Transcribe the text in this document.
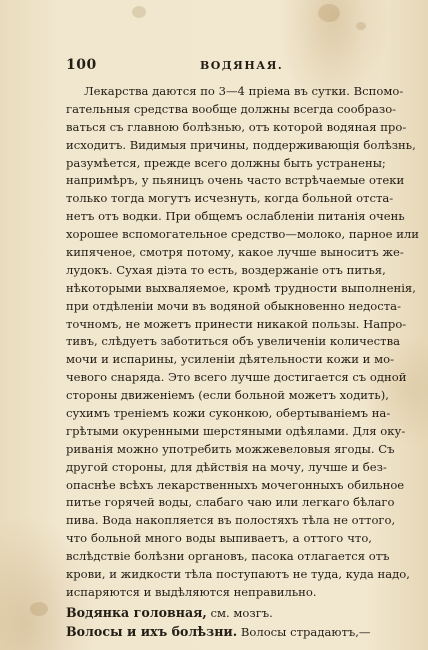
100	ВОДЯНАЯ.
Лекарства даются по 3—4 пріема въ сутки. Вспомо-
гательныя средства вообще должны всегда сообразо-
ваться съ главною болѣзнью, отъ которой водяная про-
исходитъ. Видимыя причины, поддерживающія болѣзнь,
разумѣется, прежде всего должны быть устранены;
напримѣръ, у пьяницъ очень часто встрѣчаемые отеки
только тогда могутъ исчезнуть, когда больной отста-
нетъ отъ водки. При общемъ ослабленіи питанія очень
хорошее вспомогательное средство—молоко, парное или
кипяченое, смотря потому, какое лучше выноситъ же-
лудокъ. Сухая діэта то есть, воздержаніе отъ питья,
нѣкоторыми выхваляемое, кромѣ трудности выполненія,
при отдѣленіи мочи въ водяной обыкновенно недоста-
точномъ, не можетъ принести никакой пользы. Напро-
тивъ, слѣдуетъ заботиться объ увеличеніи количества
мочи и испарины, усиленіи дѣятельности кожи и мо-
чевого снаряда. Это всего лучше достигается съ одной
стороны движеніемъ (если больной можетъ ходить),
сухимъ треніемъ кожи суконкою, обертываніемъ на-
грѣтыми окуренными шерстяными одѣялами. Для оку-
риванія можно употребить можжевеловыя ягоды. Съ
другой стороны, для дѣйствія на мочу, лучше и без-
опаснѣе всѣхъ лекарственныхъ мочегонныхъ обильное
питье горячей воды, слабаго чаю или легкаго бѣлаго
пива. Вода накопляется въ полостяхъ тѣла не оттого,
что больной много воды выпиваетъ, а оттого что,
вслѣдствіе болѣзни органовъ, пасока отлагается отъ
крови, и жидкости тѣла поступаютъ не туда, куда надо,
испаряются и выдѣляются неправильно.
Водянка головная, см. мозгъ.
Волосы и ихъ болѣзни. Волосы страдаютъ,—
